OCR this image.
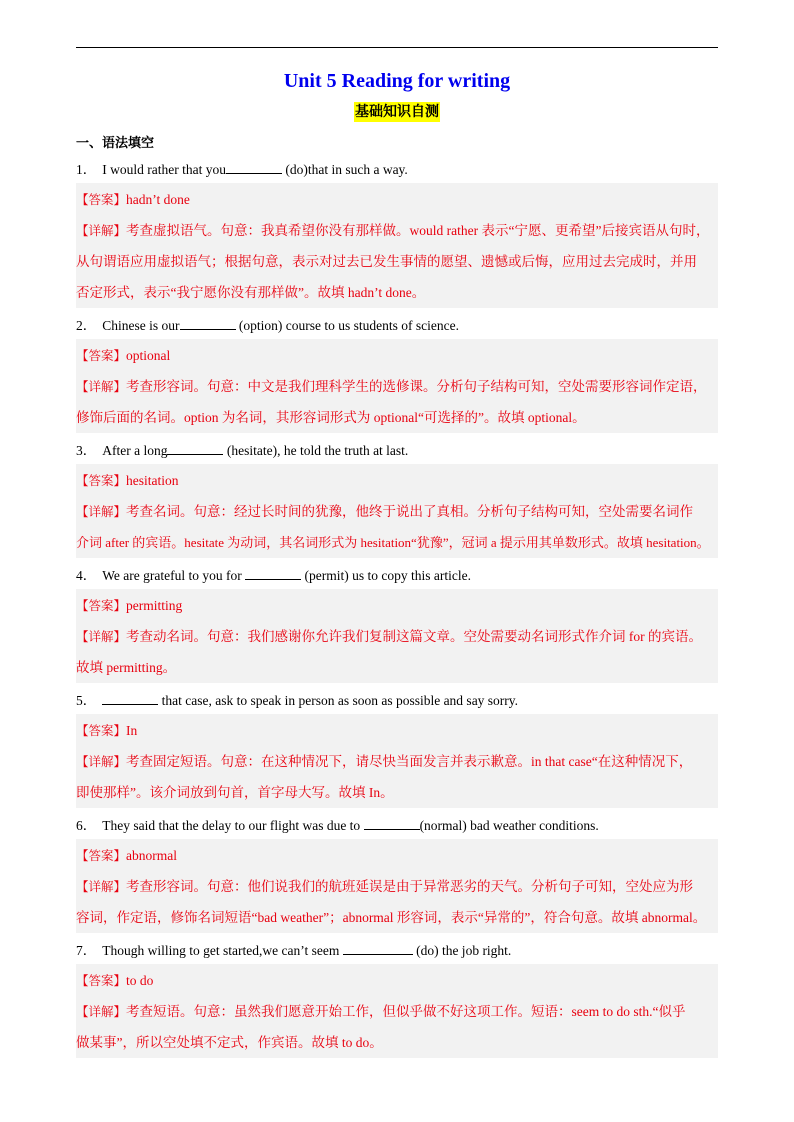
Unit 5 Reading for writing
基础知识自测
一、语法填空
1． I would rather that you	(do)that in such a way.
【答案】hadn’t done
【详解】考查虚拟语气。句意：我真希望你没有那样做。would rather 表示“宁愿、更希望”后接宾语从句时，
从句谓语应用虚拟语气；根据句意，表示对过去已发生事情的愿望、遗憾或后悔，应用过去完成时，并用
否定形式，表示“我宁愿你没有那样做”。故填 hadn’t done。
2． Chinese is our	(option) course to us students of science.
【答案】optional
【详解】考查形容词。句意：中文是我们理科学生的选修课。分析句子结构可知，空处需要形容词作定语，
修饰后面的名词。option 为名词，其形容词形式为 optional“可选择的”。故填 optional。
3． After a long	(hesitate), he told the truth at last.
【答案】hesitation
【详解】考查名词。句意：经过长时间的犹豫，他终于说出了真相。分析句子结构可知，空处需要名词作
介词 after 的宾语。hesitate 为动词，其名词形式为 hesitation“犹豫”，冠词 a 提示用其单数形式。故填 hesitation。
4． We are grateful to you for	(permit) us to copy this article.
【答案】permitting
【详解】考查动名词。句意：我们感谢你允许我们复制这篇文章。空处需要动名词形式作介词 for 的宾语。
故填 permitting。
5．	that case, ask to speak in person as soon as possible and say sorry.
【答案】In
【详解】考查固定短语。句意：在这种情况下，请尽快当面发言并表示歉意。in that case“在这种情况下，
即使那样”。该介词放到句首，首字母大写。故填 In。
6． They said that the delay to our flight was due to	(normal) bad weather conditions.
【答案】abnormal
【详解】考查形容词。句意：他们说我们的航班延误是由于异常恶劣的天气。分析句子可知，空处应为形
容词，作定语，修饰名词短语“bad weather”；abnormal 形容词，表示“异常的”，符合句意。故填 abnormal。
7． Though willing to get started,we can’t seem	(do) the job right.
【答案】to do
【详解】考查短语。句意：虽然我们愿意开始工作，但似乎做不好这项工作。短语：seem to do sth.“似乎
做某事”，所以空处填不定式，作宾语。故填 to do。
